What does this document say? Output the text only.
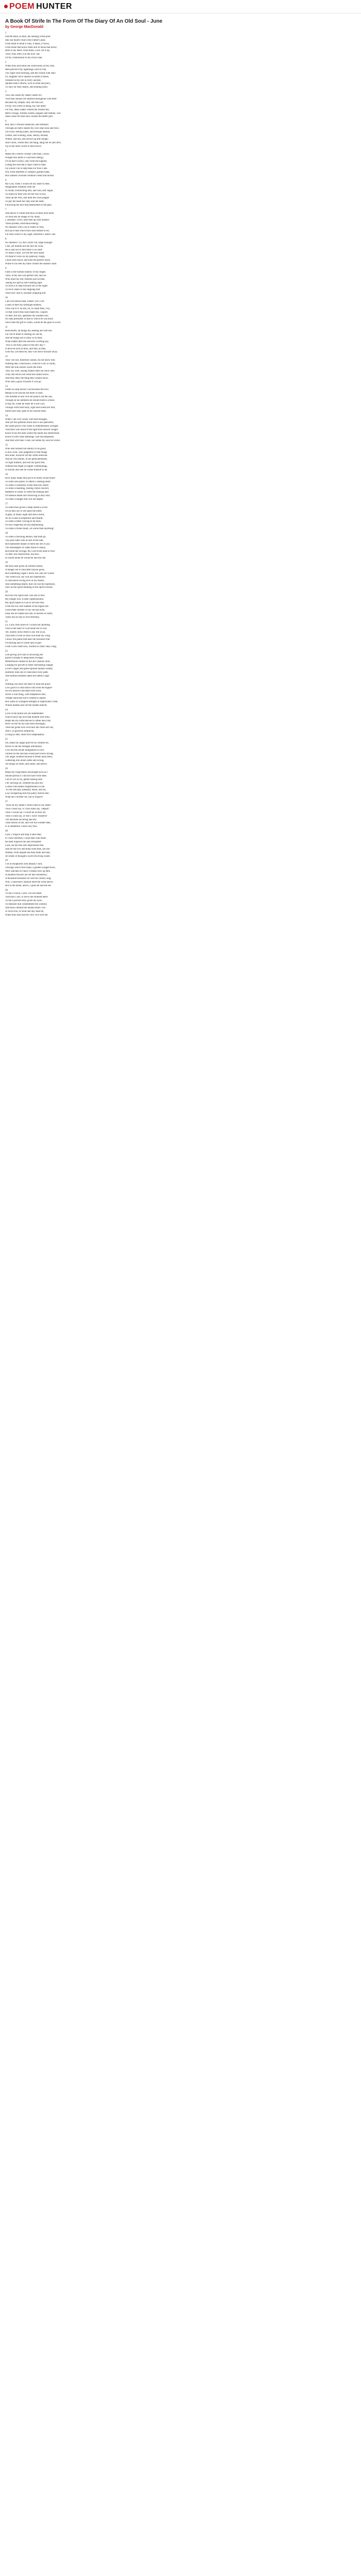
POEM HUNTER
A Book Of Strife In The Form Of The Diary Of An Old Soul - June
by George MacDonald
1
FROM thine, as then, the healing virtue pour
Into our hearts--that is the Father's plan;
From heart to heart it runs, it heals, it flows,
From those that know them still to those that know;
Here is my heart: from thine, Lord, fill it up,
That I may offer it as the holy cup
Of thy communion to my every man.
2
When thou dost send out whirlwinds on thy seas,
Men perceive thy lightnings with its rise,
Thy night with morning, and the clouds with stars
Or, mightier force unseen in midst of these,
Ordered in thy life in every ancient,
Spoken men's efforts, rul'd in strife and pin's,
To only for their hearts, and nothing more.
3
This, this alone thy father careth for-
That man should live hearted throughout with thee-
Because thy simple, only life thou art,
Of thy very truth of being, thy one heart-
For this, deep waters whelm the fruitful tea,
Men's ravage, fortune wastes, plagues and famine, war-
Shall cease till man have chosen the better part.
4
But, like a virtuous medicine, self-diffused
Through all men's hearts thy love shall sink and flow;
Till every feeling hides, and through unseen,
Gentle, and winning, shall, sternly doused,
Wither, and die, and shrivel up and slough;
And Christ, whom they did hang, hang not its and slew,
Up in the inner world of men arrive.
5
Make me a fellow-worker with thee, Christ;
Nought else befits a God-born energy;
Of all that's lovely, only from the highest,
Lifting the rest that it shall come to thee:
Up would I be to help thee-For thou I ken
Not, from heartfeel in Joseph's garden-bank,
But walkest crowned creation's heart and bloom.
6
My God, when I would lift my heart to thee,
Imagination instantly doth set
A cloudy overarching dim, and vast, and vague,
To stand for thee who art the Sun of sea;
Then up the Will, and doth the cross plague
To pay the heart her duty and her debt,
Following the face that hearkeneth to the plea.
7
And hence it comes that thou at times dost seem
To look less an image of my mind,
I, dreamer, cover, hide thee up with dreams-
These printed, individual emergy
No likeness with God is frame or find,
But up to that which thou dost endure to be,
For thou which is my sight, therefore I seem I see.
8
No likeness? La, the Christ! Oh, large Enough!
I see, yet bottom not the face he wore.
He is and out of him there is no stuff
To make a man. Let but me once spare
Of thine'st voice on my pathway rough,
I have seen much, and trust the perfect more,
While to his feet my faith crosses the shadow stare.
9
Faith is the human shadow of thy might.
Then, at thy one will perfect life, and we
Who must thy life, thereon just on thee,
Taking our part as self-creating light.
To trust is to step forward out of the night-
To be-to share in the outgoing that
That lives: and is, because outgoing still.
10
I am lost before thee, Father! yet I will
Claim of thee my birthright endless;
Thou say'st it: on me, on, to claim thee, I try,
To that which thou hast made me, I aspire;
To thee, the sun, upflames thy kindled fire;
No man presumes in that to which he was born;
Since then the gift to claim, would be the gain to scorn.
11
Henceforth, all things thy dealing are with me;
For out of them is nothing on can be,
And all things are to draw us to thee;
What matter then the knowers scoffing say,
'This is old folly, plain to the new day'?-
If thou be such as thou, and they as they,
Unto thy Let them be, they will move onward away.
12
They will not, therefore cannot, do not know him.
Nothing they could know, could be God: in sooth,
Were the true stories words the truth
They say well, saying Nature doth not show him:
Truly she shows not what she cannot show;
And they deny the thing they cannot know.
Who sees a glory towards it will go.
13
Fester no step moves God because the fool
Means to be unwise but there is none.
The blinded in fear will not preach out the sun,
Though on his darkness he should build a school.
It may be, when he finds he is not God,
Though world and body, sight and sound are fled,
Some eyes may open in his foolish head.
14
When I am very weary with hard thought,
And yet the question burns and is not quenched,
My heart grows cool when to remembrance wrought
That thou who know'st the light-born answer sought
Know'st too the dark where the doubt lies entrenched-
Know'st with what seemings I am encompassed,
And that with thee I wait, nor needs my soul be vexed.
15
Who sets himself not sternly to be good,
Is but a fool, who judgment of true things
Has none, however oft the claim renewed.
And he who thinks, in his great plenitude,
To right himself, and lost his spirit free,
Without the might of higher communings,
Is foolish also-see he willed himself to be.
16
How many helps thou giv'st to those would learn!
To some sore pains; to others a sinking heart;
To some a weariness worse than any smart;
To some a haunting, fearing, blind concern;
Madness to some; to some the shaking dart
Of hideous death still following as they turn;
To some a hunger that will not depart.
17
To some thou givest a deep unrest-a scorn
Of all they are or see upon the earth;
A gaze, at dusky night and dewy morn,
As on a land of emptiness and dearth;
To some a bitter craving to be born;
Of bow respected yet not abandoning;
To some a frozen heart, oh worse than anything!
18
To some a mocking demon, that doth go
Thy pace halts with us self at the side,
But loathsome makes to them the life of joy;
The messengers of Satan think to annoy,
But blind the wrongs, thy Lord from false to true-
To thee, the resurrection, the new-
In whom alone he would be and the one.
19
Me thou hast given an infinite unrest,
A hunger not to find after known good,
But something vague I know not, and yet would-
The veiled Isis, thy will not understood;
A conscience loving ever in my breast;
And something dearer, that will not be expressed,
Save as the Spirit thinking in the Spirit's broad.
20
But now the Spirit and I are one in this-
My hunger now is after righteousness;
My spirit hopes in God to set him free;
From the low self loathed of the higher me.
Great elder Brother of my second birth,
Dear one all names but one, in heaven or earth,
Teach me all day to love eternally.
21
Lo, Lord, thou know'st I would not anything
That in the heart of God holds me to root.
Yet, doubly down there is any life at all,
That doth it from us thou root-hunt my wing.
I know the plants that bear the noisome fruit
Of burning and of whim and of gall-
From God's heart torn, rootless to man's they cling.
22
Life-giving love rain to drowning the
purest corrupts to despicable revenge;
Motherhood choked in the ale'r jealous mire,
Longing for growth to mere fluctuating change;
Lover's anger and greed spoiled human wealth;
Humility men out of conscience holy path;
And human kindness takes the father's rage.
23
Nothing can draw the heart of man but good;
Low good it is that draws him from the higher-
So evil poison concreate from food;
Never a foul thing, with temptation dire,
Tempts hallowed force created to aspire;
But walks in wrangled strength of imprisoned Truth,
Whose mantle also oft the Shame indicth.
24
Love in the prime not yet undefended-
Scarce know the love that bindeth first fond,
Helps the my sufficiencies to rather and cold;
Blow on me till my toes burn burningly;
Then the groan love will burn me clean self out,
And I, in glorious simplicity,
Living by thee, shall love unspeakably.
25
Oh, make my anger pure-let no wildfire be,
Never in me the strength selfishness.
Give me the divine indignation in love
Turned on the sad that would part lovers strong;
The anger soothed because it needs must bless,
Gathering into union oaths and wrong,
All things on earth, and under, and above.
26
Make my forgiveness downright-such as I
Should perish if I did not have from thee;
I let no yes or no, gentle fleeing hide
I be carrying on, withered up and dry;
Cursed with dearer forgetfulness in me.
'To but self-pity, pleasant, mean, and sly,
Low-whispering bids the paltry motive bee-
What am I brother for, but to forgive!'
27
'Thou art my father's child-come to my heart!'
Thus I must say, or Thou must say, 'Depart!'
Then I would say I would be as thou art.
Then I could say, or still I won't whatever
The absolute incurring and law
Than dwells in me, and will not wonder thee,
If in obedience I leave any flaw.
28
Lord, I forgive and step it unto thee;
If I have enemies, Christ deal with them:
He hath forgiven me and Jerusalem-
Lord, set me free self-imprisoned free,
And let me live and think from thee, not me-
Neither, from despite me then think and feel,
At centre of thought's swift-revolving wheel.
29
I sit at enraptured with Beauty's lord,
Through which flies many a golden-winged dove,
Well watched of Fancy's tender eyes up here.
A hundred flowers are set into minstrelsy;
A thousand treasures for one the comely sing;
Will, Conscience, Reason meet the wind above,
But in the midst, above, I glad are and me set.
30
To but a vision, Lord; I do not mean
That thou I am, or have one moment been-
To but a picture truly given my eyes,
To measure dull contentment the wishful;
And know behind the human heart I lie;-
A voice true, of what one day shall be,
When thou hast had thy very will with me.
